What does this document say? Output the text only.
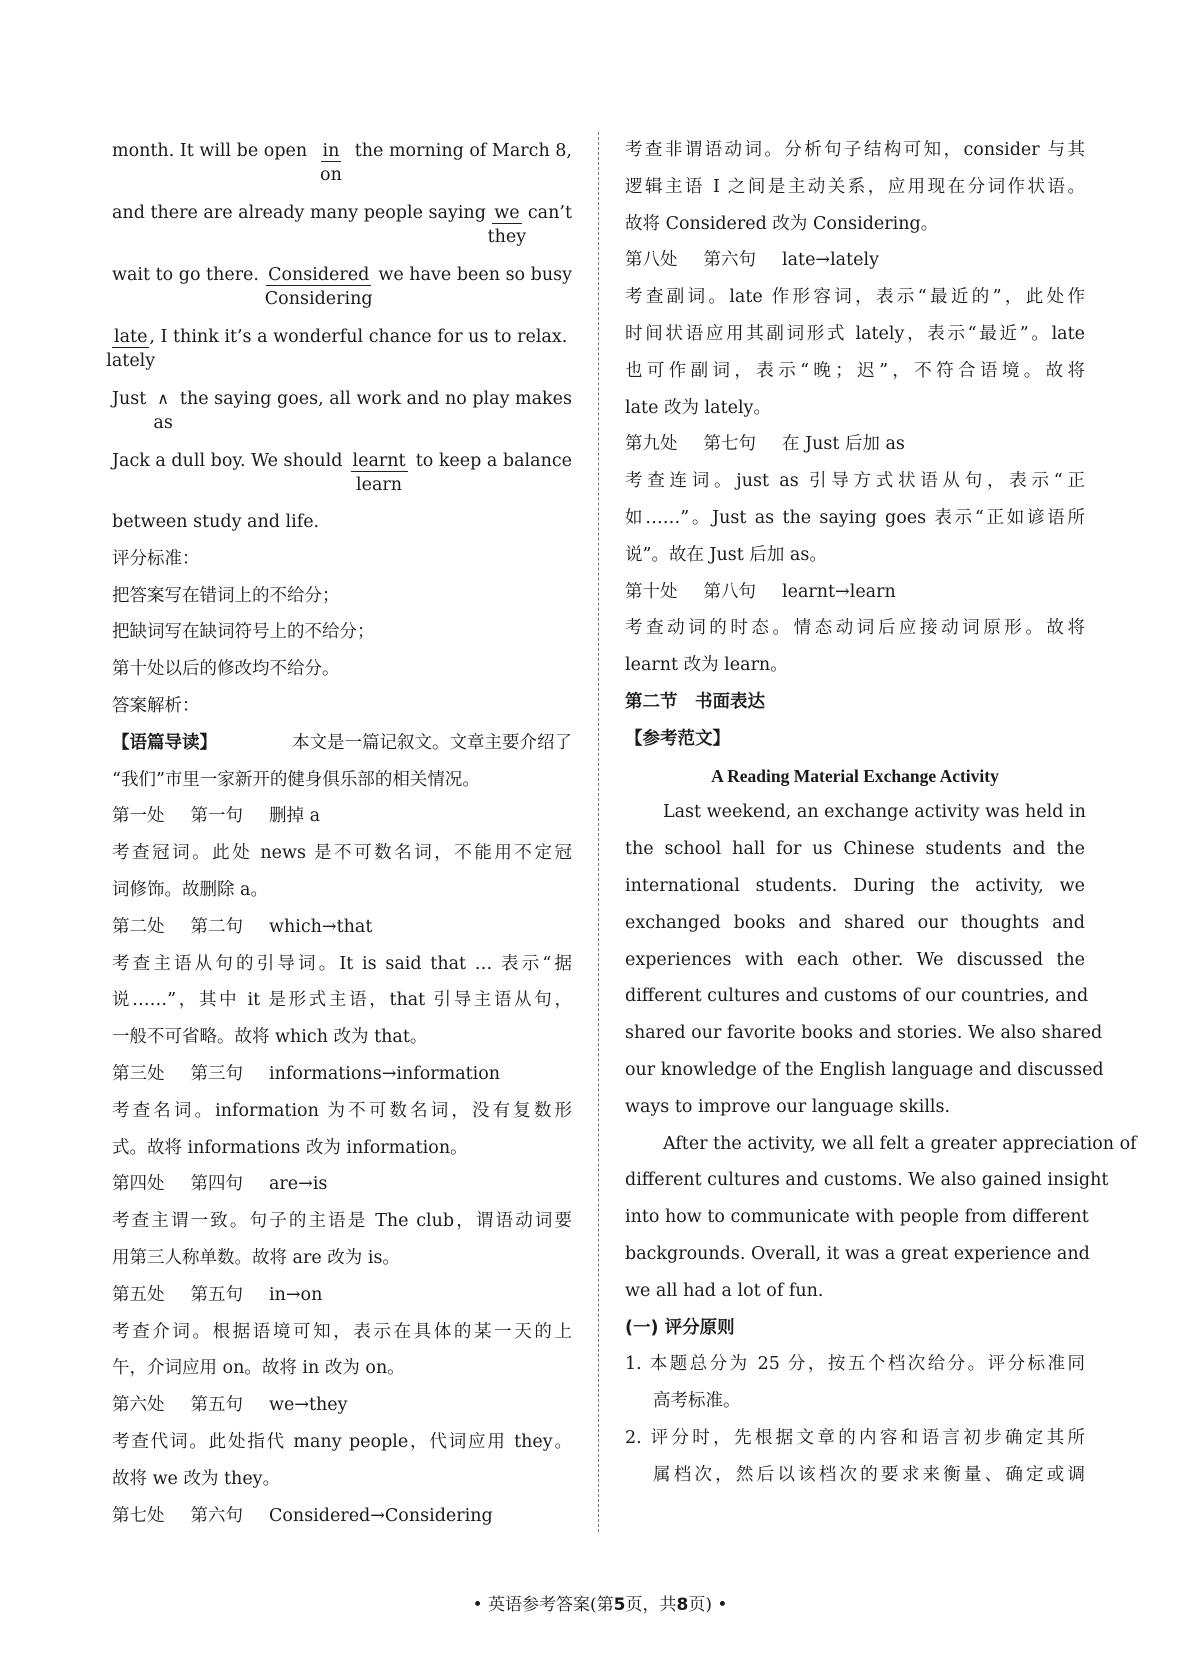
month. It will be open in
on
the morning of March 8,
and there are already many people saying we
they
can’t
wait to go there. Considered
Considering
we have been so busy
late
lately
, I think it’s a wonderful chance for us to relax.
Just ∧
as
the saying goes, all work and no play makes
Jack a dull boy. We should learnt
learn
to keep a balance
between study and life.
评分标准：
把答案写在错词上的不给分；
把缺词写在缺词符号上的不给分；
第十处以后的修改均不给分。
答案解析：
【语篇导读】	本文是一篇记叙文。文章主要介绍了
“我们”市里一家新开的健身俱乐部的相关情况。
第一处 第一句 删掉 a

考查冠词。此处 news 是不可数名词，不能用不定冠

词修饰。故删除 a。

第二处 第二句 which→that

考查主语从句的引导词。It is said that … 表示“据

说……”，其中 it 是形式主语，that 引导主语从句，

一般不可省略。故将 which 改为 that。

第三处 第三句 informations→information

考查名词。information 为不可数名词，没有复数形

式。故将 informations 改为 information。

第四处 第四句 are→is

考查主谓一致。句子的主语是 The club，谓语动词要

用第三人称单数。故将 are 改为 is。

第五处 第五句 in→on

考查介词。根据语境可知，表示在具体的某一天的上

午，介词应用 on。故将 in 改为 on。

第六处 第五句 we→they

考查代词。此处指代 many people，代词应用 they。

故将 we 改为 they。

第七处 第六句 Considered→Considering

考查非谓语动词。分析句子结构可知，consider 与其

逻辑主语 I 之间是主动关系，应用现在分词作状语。

故将 Considered 改为 Considering。

第八处 第六句 late→lately

考查副词。late 作形容词，表示“最近的”，此处作

时间状语应用其副词形式 lately，表示“最近”。late

也可作副词，表示“晚；迟”，不符合语境。故将

late 改为 lately。

第九处 第七句 在 Just 后加 as

考查连词。just as 引导方式状语从句，表示“正

如……”。Just as the saying goes 表示“正如谚语所

说”。故在 Just 后加 as。

第十处 第八句 learnt→learn

考查动词的时态。情态动词后应接动词原形。故将

learnt 改为 learn。

第二节　书面表达
【参考范文】
A Reading Material Exchange Activity

Last weekend, an exchange activity was held in

the school hall for us Chinese students and the

international students. During the activity, we

exchanged books and shared our thoughts and

experiences with each other. We discussed the

different cultures and customs of our countries, and

shared our favorite books and stories. We also shared

our knowledge of the English language and discussed

ways to improve our language skills.

After the activity, we all felt a greater appreciation of

different cultures and customs. We also gained insight

into how to communicate with people from different

backgrounds. Overall, it was a great experience and

we all had a lot of fun.

(一) 评分原则

1. 本题总分为 25 分，按五个档次给分。评分标准同

高考标准。

2. 评分时，先根据文章的内容和语言初步确定其所

属档次，然后以该档次的要求来衡量、确定或调

• 英语参考答案(第5页，共8页) •
